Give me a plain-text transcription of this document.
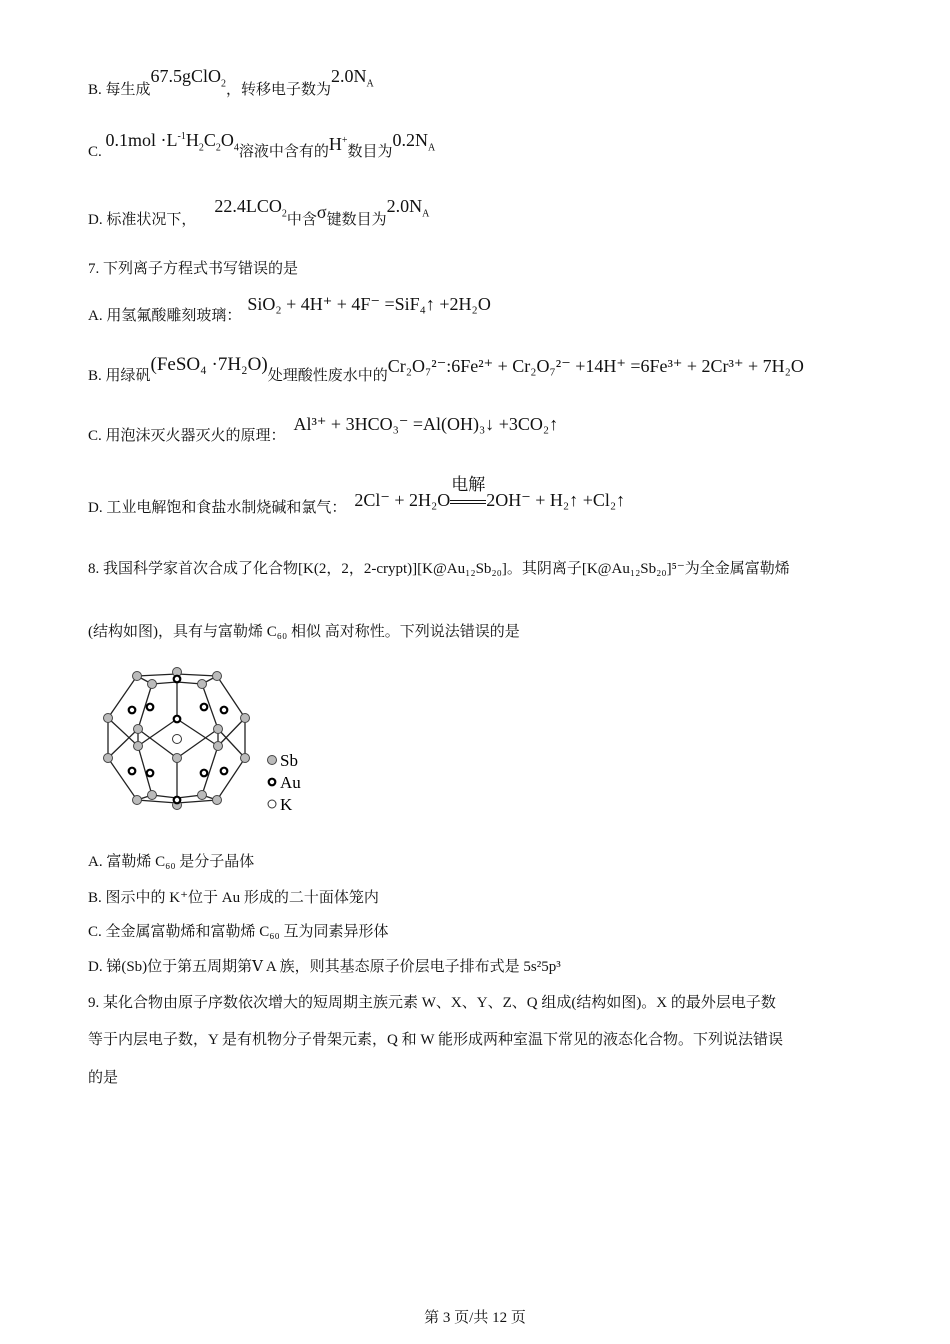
B. 每生成67.5gClO$_2$，转移电子数为$2.0N_A$
C. $0.1mol \cdot L^{-1}H_2C_2O_4$溶液中含有的H+数目为$0.2N_A$
D. 标准状况下，$22.4LCO_2$中含σ键数目为$2.0N_A$
7. 下列离子方程式书写错误的是
A. 用氢氟酸雕刻玻璃：SiO₂ + 4H⁺ + 4F⁻ =SiF₄↑ +2H₂O
B. 用绿矾(FeSO₄ ·7H₂O)处理酸性废水中的Cr₂O₇²⁻:6Fe²⁺ + Cr₂O₇²⁻ +14H⁺ =6Fe³⁺ + 2Cr³⁺ + 7H₂O
C. 用泡沫灭火器灭火的原理：Al³⁺ + 3HCO₃⁻ =Al(OH)₃↓ +3CO₂↑
D. 工业电解饱和食盐水制烧碱和氯气： 2Cl⁻ + 2H₂O
电解
2OH⁻ + H₂↑ +Cl₂↑
8. 我国科学家首次合成了化合物[K(2，2，2-crypt)][K@Au₁₂Sb₂₀]。其阴离子[K@Au₁₂Sb₂₀]⁵⁻为全金属富勒烯
(结构如图)，具有与富勒烯 C₆₀ 相似 高对称性。下列说法错误的是
Sb
Au
K
A. 富勒烯 C₆₀ 是分子晶体
B. 图示中的 K⁺位于 Au 形成的二十面体笼内
C. 全金属富勒烯和富勒烯 C₆₀ 互为同素异形体
D. 锑(Sb)位于第五周期第Ⅴ A 族，则其基态原子价层电子排布式是 5s²5p³
9. 某化合物由原子序数依次增大的短周期主族元素 W、X、Y、Z、Q 组成(结构如图)。X 的最外层电子数
等于内层电子数，Y 是有机物分子骨架元素，Q 和 W 能形成两种室温下常见的液态化合物。下列说法错误
的是
第 3 页/共 12 页
